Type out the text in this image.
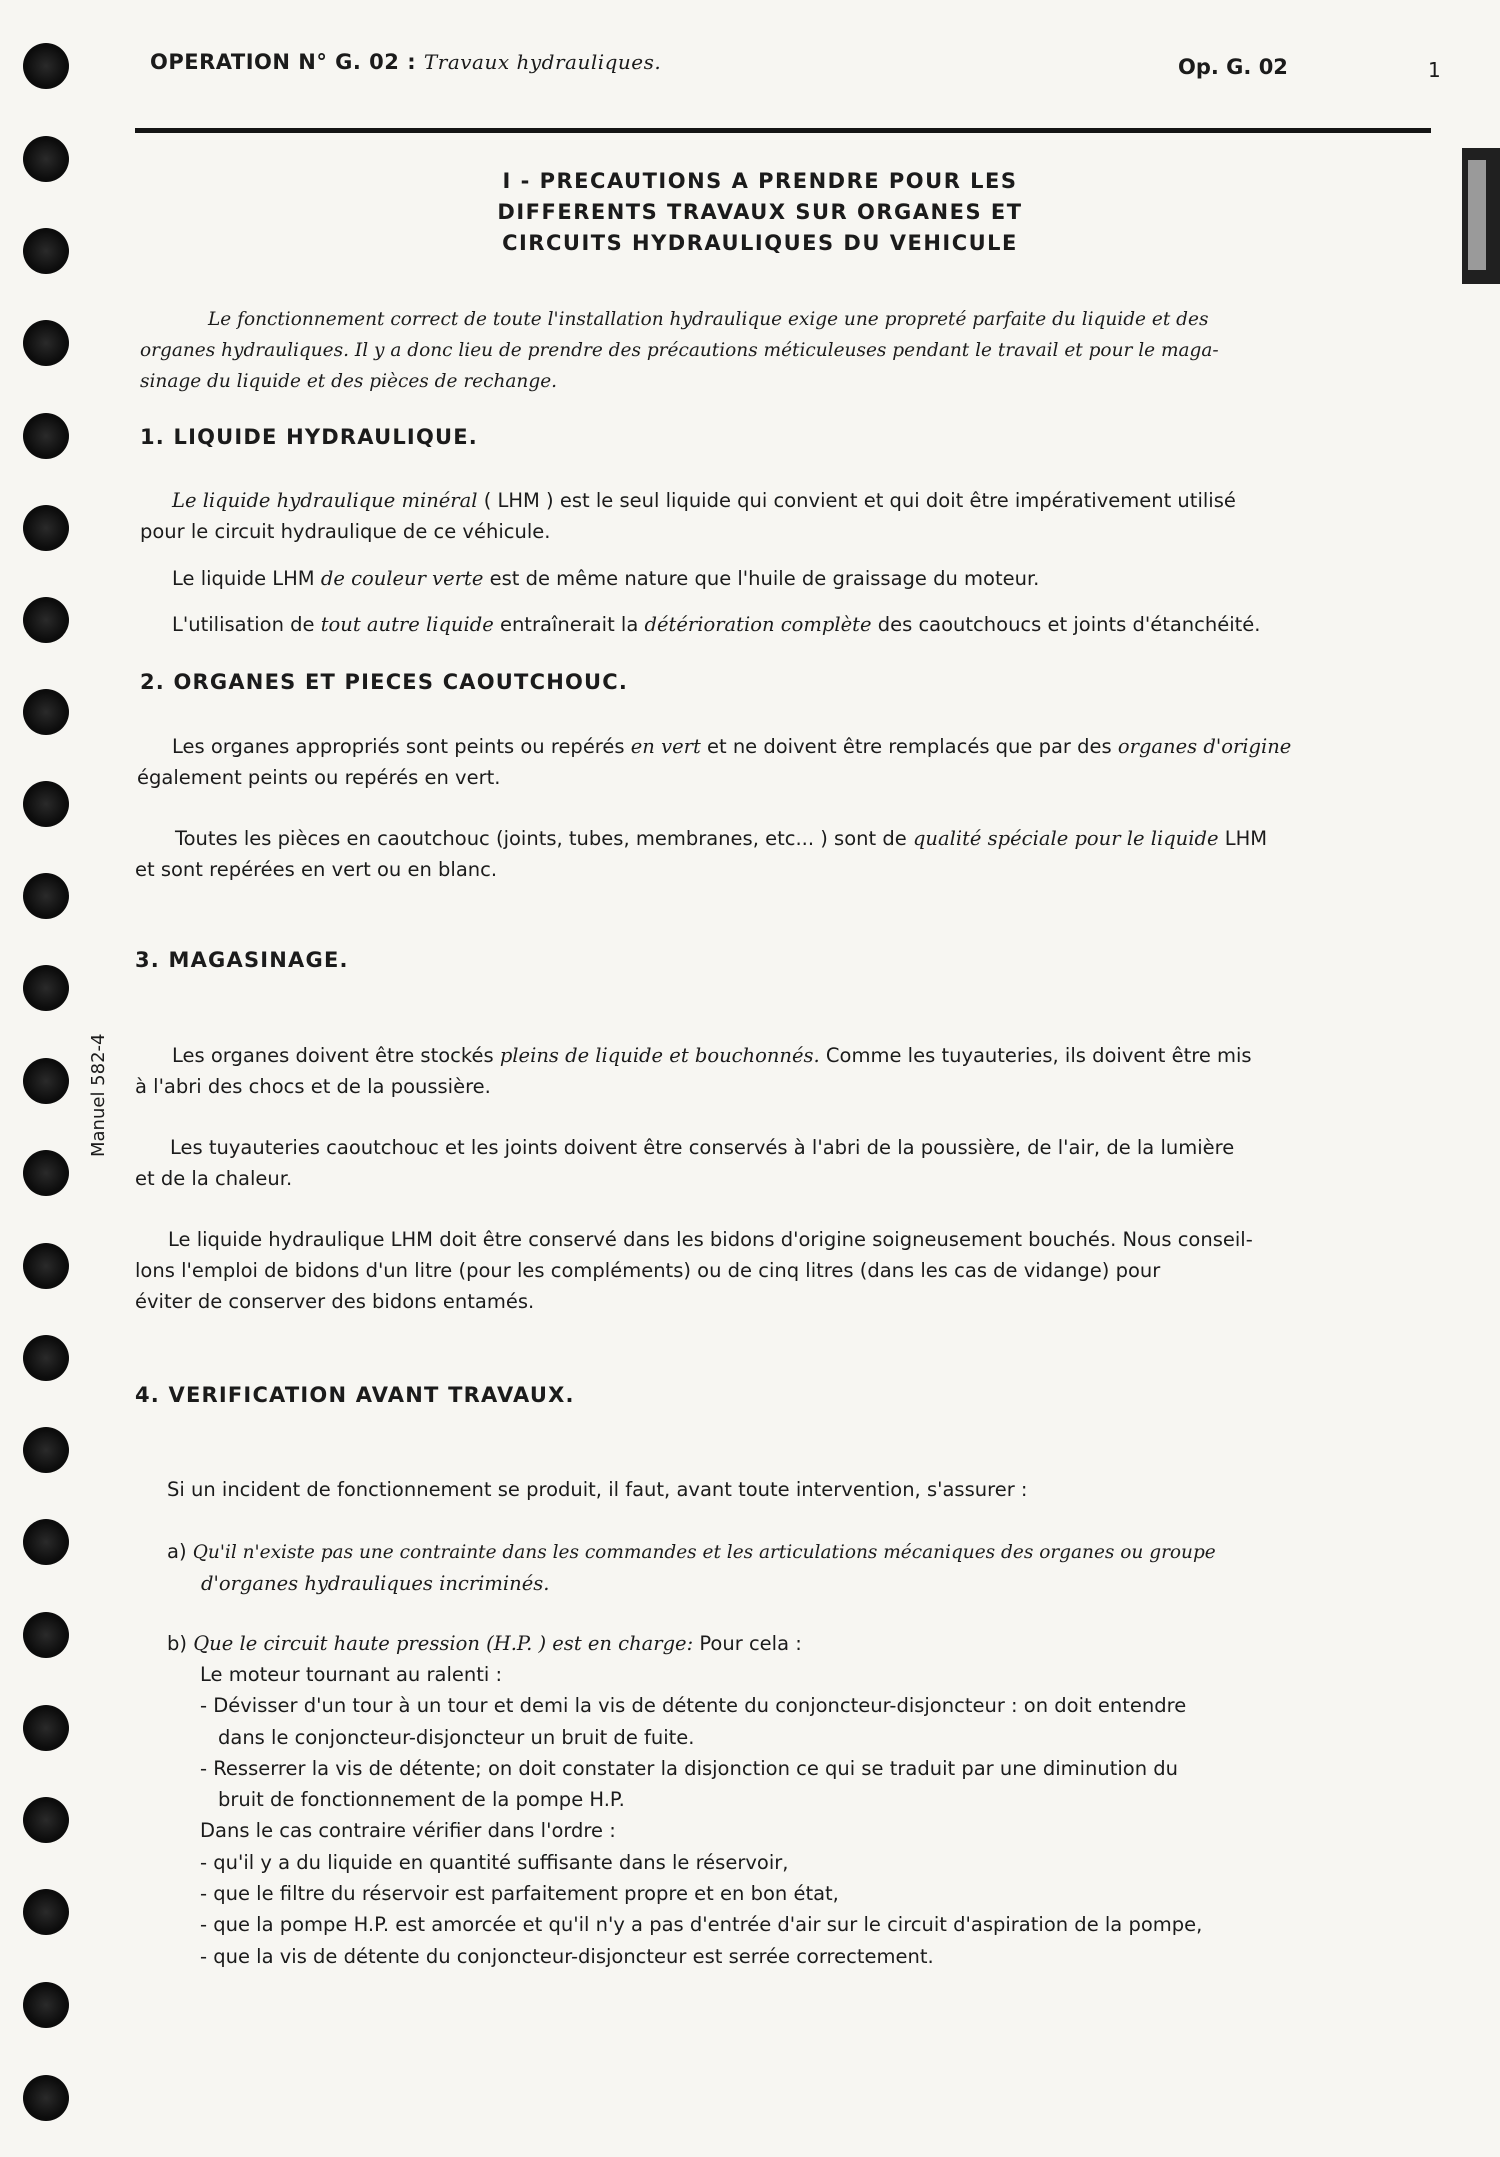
OPERATION N° G. 02 : Travaux hydrauliques.	Op. G. 02	1
I - PRECAUTIONS A PRENDRE POUR LES
DIFFERENTS TRAVAUX SUR ORGANES ET
CIRCUITS HYDRAULIQUES DU VEHICULE
Le fonctionnement correct de toute l'installation hydraulique exige une propreté parfaite du liquide et des
organes hydrauliques. Il y a donc lieu de prendre des précautions méticuleuses pendant le travail et pour le maga-
sinage du liquide et des pièces de rechange.
1. LIQUIDE HYDRAULIQUE.
Le liquide hydraulique minéral ( LHM ) est le seul liquide qui convient et qui doit être impérativement utilisé
pour le circuit hydraulique de ce véhicule.
Le liquide LHM de couleur verte est de même nature que l'huile de graissage du moteur.
L'utilisation de tout autre liquide entraînerait la détérioration complète des caoutchoucs et joints d'étanchéité.
2. ORGANES ET PIECES CAOUTCHOUC.
Les organes appropriés sont peints ou repérés en vert et ne doivent être remplacés que par des organes d'origine
également peints ou repérés en vert.
Toutes les pièces en caoutchouc (joints, tubes, membranes, etc... ) sont de qualité spéciale pour le liquide LHM
et sont repérées en vert ou en blanc.
3. MAGASINAGE.
Les organes doivent être stockés pleins de liquide et bouchonnés. Comme les tuyauteries, ils doivent être mis
à l'abri des chocs et de la poussière.
Les tuyauteries caoutchouc et les joints doivent être conservés à l'abri de la poussière, de l'air, de la lumière
et de la chaleur.
Le liquide hydraulique LHM doit être conservé dans les bidons d'origine soigneusement bouchés. Nous conseil-
lons l'emploi de bidons d'un litre (pour les compléments) ou de cinq litres (dans les cas de vidange) pour
éviter de conserver des bidons entamés.
4. VERIFICATION AVANT TRAVAUX.
Si un incident de fonctionnement se produit, il faut, avant toute intervention, s'assurer :
a) Qu'il n'existe pas une contrainte dans les commandes et les articulations mécaniques des organes ou groupe
d'organes hydrauliques incriminés.
b) Que le circuit haute pression (H.P. ) est en charge: Pour cela :
Le moteur tournant au ralenti :
- Dévisser d'un tour à un tour et demi la vis de détente du conjoncteur-disjoncteur : on doit entendre
dans le conjoncteur-disjoncteur un bruit de fuite.
- Resserrer la vis de détente; on doit constater la disjonction ce qui se traduit par une diminution du
bruit de fonctionnement de la pompe H.P.
Dans le cas contraire vérifier dans l'ordre :
- qu'il y a du liquide en quantité suffisante dans le réservoir,
- que le filtre du réservoir est parfaitement propre et en bon état,
- que la pompe H.P. est amorcée et qu'il n'y a pas d'entrée d'air sur le circuit d'aspiration de la pompe,
- que la vis de détente du conjoncteur-disjoncteur est serrée correctement.
Manuel 582-4
